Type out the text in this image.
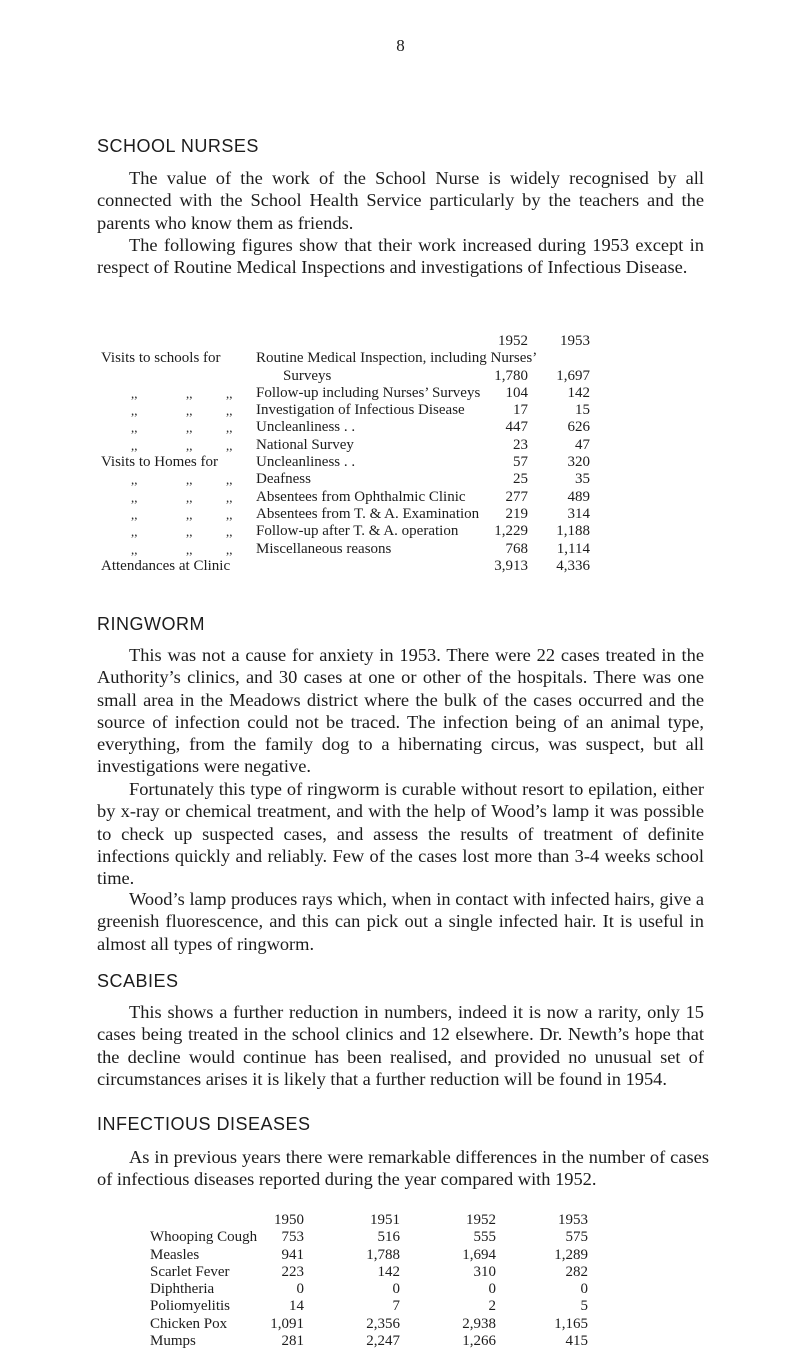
8
SCHOOL NURSES

The value of the work of the School Nurse is widely recognised by all connected with the School Health Service particularly by the teachers and the parents who know them as friends.

The following figures show that their work increased during 1953 except in respect of Routine Medical Inspections and investigations of Infectious Disease.

1952 1953
Visits to schools for Routine Medical Inspection, including Nurses’
Surveys	1,780 1,697
,,	,,	,, Follow-up including Nurses’ Surveys 104	142
,,	,,	,, Investigation of Infectious Disease	17	15
,,	,,	,, Uncleanliness . .	447	626
,,	,,	,, National Survey	23	47
Visits to Homes for	Uncleanliness . .	57	320
,,	,,	,, Deafness	25	35
,,	,,	,, Absentees from Ophthalmic Clinic	277	489
,,	,,	,, Absentees from T. & A. Examination 219	314
,,	,,	,, Follow-up after T. & A. operation 1,229 1,188
,,	,,	,, Miscellaneous reasons	768 1,114
Attendances at Clinic	3,913 4,336
RINGWORM

This was not a cause for anxiety in 1953. There were 22 cases treated in the Authority’s clinics, and 30 cases at one or other of the hospitals. There was one small area in the Meadows district where the bulk of the cases occurred and the source of infection could not be traced. The infection being of an animal type, everything, from the family dog to a hibernating circus, was suspect, but all investigations were negative.

Fortunately this type of ringworm is curable without resort to epilation, either by x-ray or chemical treatment, and with the help of Wood’s lamp it was possible to check up suspected cases, and assess the results of treatment of definite infections quickly and reliably. Few of the cases lost more than 3-4 weeks school time.

Wood’s lamp produces rays which, when in contact with infected hairs, give a greenish fluorescence, and this can pick out a single infected hair. It is useful in almost all types of ringworm.

SCABIES

This shows a further reduction in numbers, indeed it is now a rarity, only 15 cases being treated in the school clinics and 12 elsewhere. Dr. Newth’s hope that the decline would continue has been realised, and provided no unusual set of circumstances arises it is likely that a further reduction will be found in 1954.

INFECTIOUS DISEASES

As in previous years there were remarkable differences in the number of cases of infectious diseases reported during the year compared with 1952.

1950	1951	1952	1953
Whooping Cough 753	516	555	575
Measles	941	1,788	1,694	1,289
Scarlet Fever	223	142	310	282
Diphtheria	0	0	0	0
Poliomyelitis	14	7	2	5
Chicken Pox	1,091	2,356	2,938	1,165
Mumps	281	2,247	1,266	415
